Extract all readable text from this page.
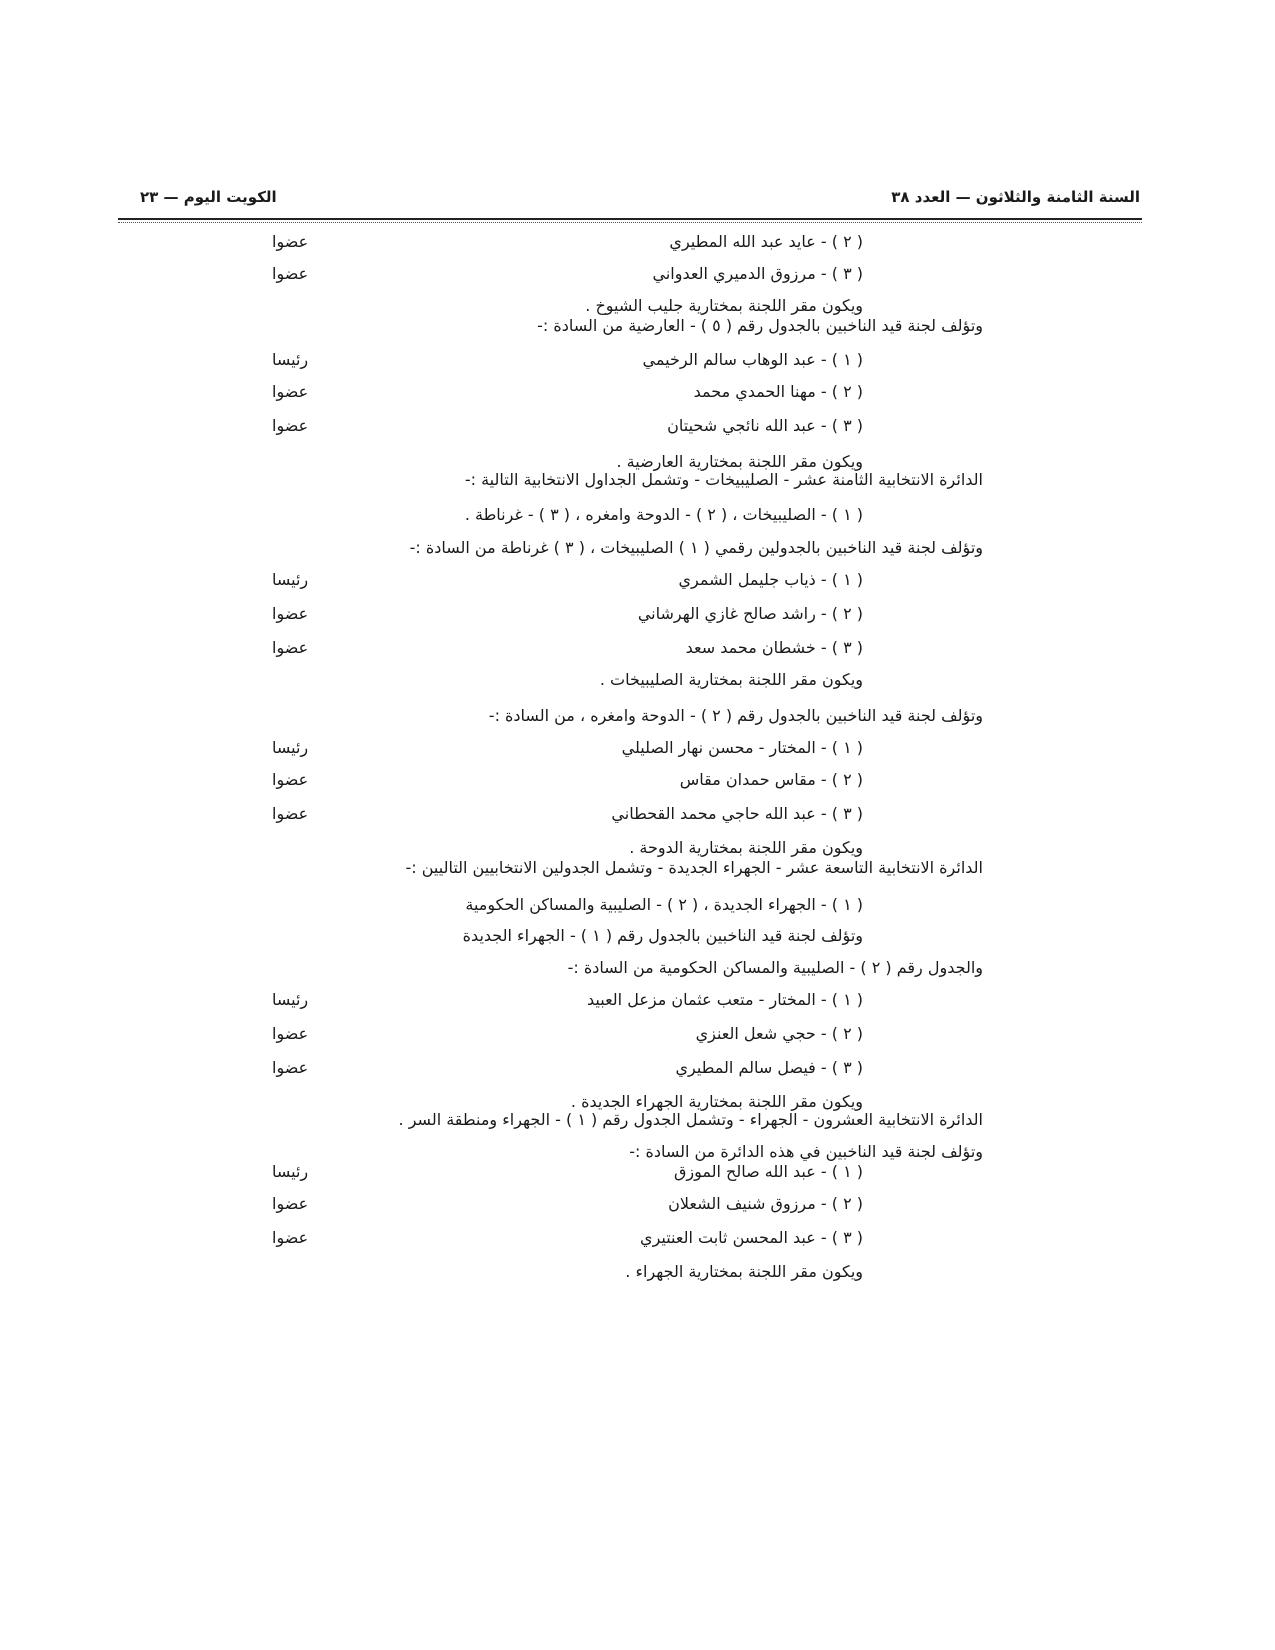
السنة الثامنة والثلاثون — العدد ٣٨
الكويت اليوم — ٢٣
( ٢ ) - عايد عبد الله المطيري
عضوا
( ٣ ) - مرزوق الدميري العدواني
عضوا
ويكون مقر اللجنة بمختارية جليب الشيوخ .
وتؤلف لجنة قيد الناخبين بالجدول رقم ( ٥ ) - العارضية من السادة :-
( ١ ) - عبد الوهاب سالم الرخيمي
رئيسا
( ٢ ) - مهنا الحمدي محمد
عضوا
( ٣ ) - عبد الله نائجي شحيتان
عضوا
ويكون مقر اللجنة بمختارية العارضية .
الدائرة الانتخابية الثامنة عشر - الصليبيخات - وتشمل الجداول الانتخابية التالية :-
( ١ ) - الصليبيخات ، ( ٢ ) - الدوحة وامغره ، ( ٣ ) - غرناطة .
وتؤلف لجنة قيد الناخبين بالجدولين رقمي ( ١ ) الصليبيخات ، ( ٣ ) غرناطة من السادة :-
( ١ ) - ذياب جليمل الشمري
رئيسا
( ٢ ) - راشد صالح غازي الهرشاني
عضوا
( ٣ ) - خشطان محمد سعد
عضوا
ويكون مقر اللجنة بمختارية الصليبيخات .
وتؤلف لجنة قيد الناخبين بالجدول رقم ( ٢ ) - الدوحة وامغره ، من السادة :-
( ١ ) - المختار - محسن نهار الصليلي
رئيسا
( ٢ ) - مقاس حمدان مقاس
عضوا
( ٣ ) - عبد الله حاجي محمد القحطاني
عضوا
ويكون مقر اللجنة بمختارية الدوحة .
الدائرة الانتخابية التاسعة عشر - الجهراء الجديدة - وتشمل الجدولين الانتخابيين التاليين :-
( ١ ) - الجهراء الجديدة ، ( ٢ ) - الصليبية والمساكن الحكومية
وتؤلف لجنة قيد الناخبين بالجدول رقم ( ١ ) - الجهراء الجديدة
والجدول رقم ( ٢ ) - الصليبية والمساكن الحكومية من السادة :-
( ١ ) - المختار - متعب عثمان مزعل العبيد
رئيسا
( ٢ ) - حجي شعل العنزي
عضوا
( ٣ ) - فيصل سالم المطيري
عضوا
ويكون مقر اللجنة بمختارية الجهراء الجديدة .
الدائرة الانتخابية العشرون - الجهراء - وتشمل الجدول رقم ( ١ ) - الجهراء ومنطقة السر .
وتؤلف لجنة قيد الناخبين في هذه الدائرة من السادة :-
( ١ ) - عبد الله صالح الموزق
رئيسا
( ٢ ) - مرزوق شنيف الشعلان
عضوا
( ٣ ) - عبد المحسن ثابت العنتيري
عضوا
ويكون مقر اللجنة بمختارية الجهراء .
